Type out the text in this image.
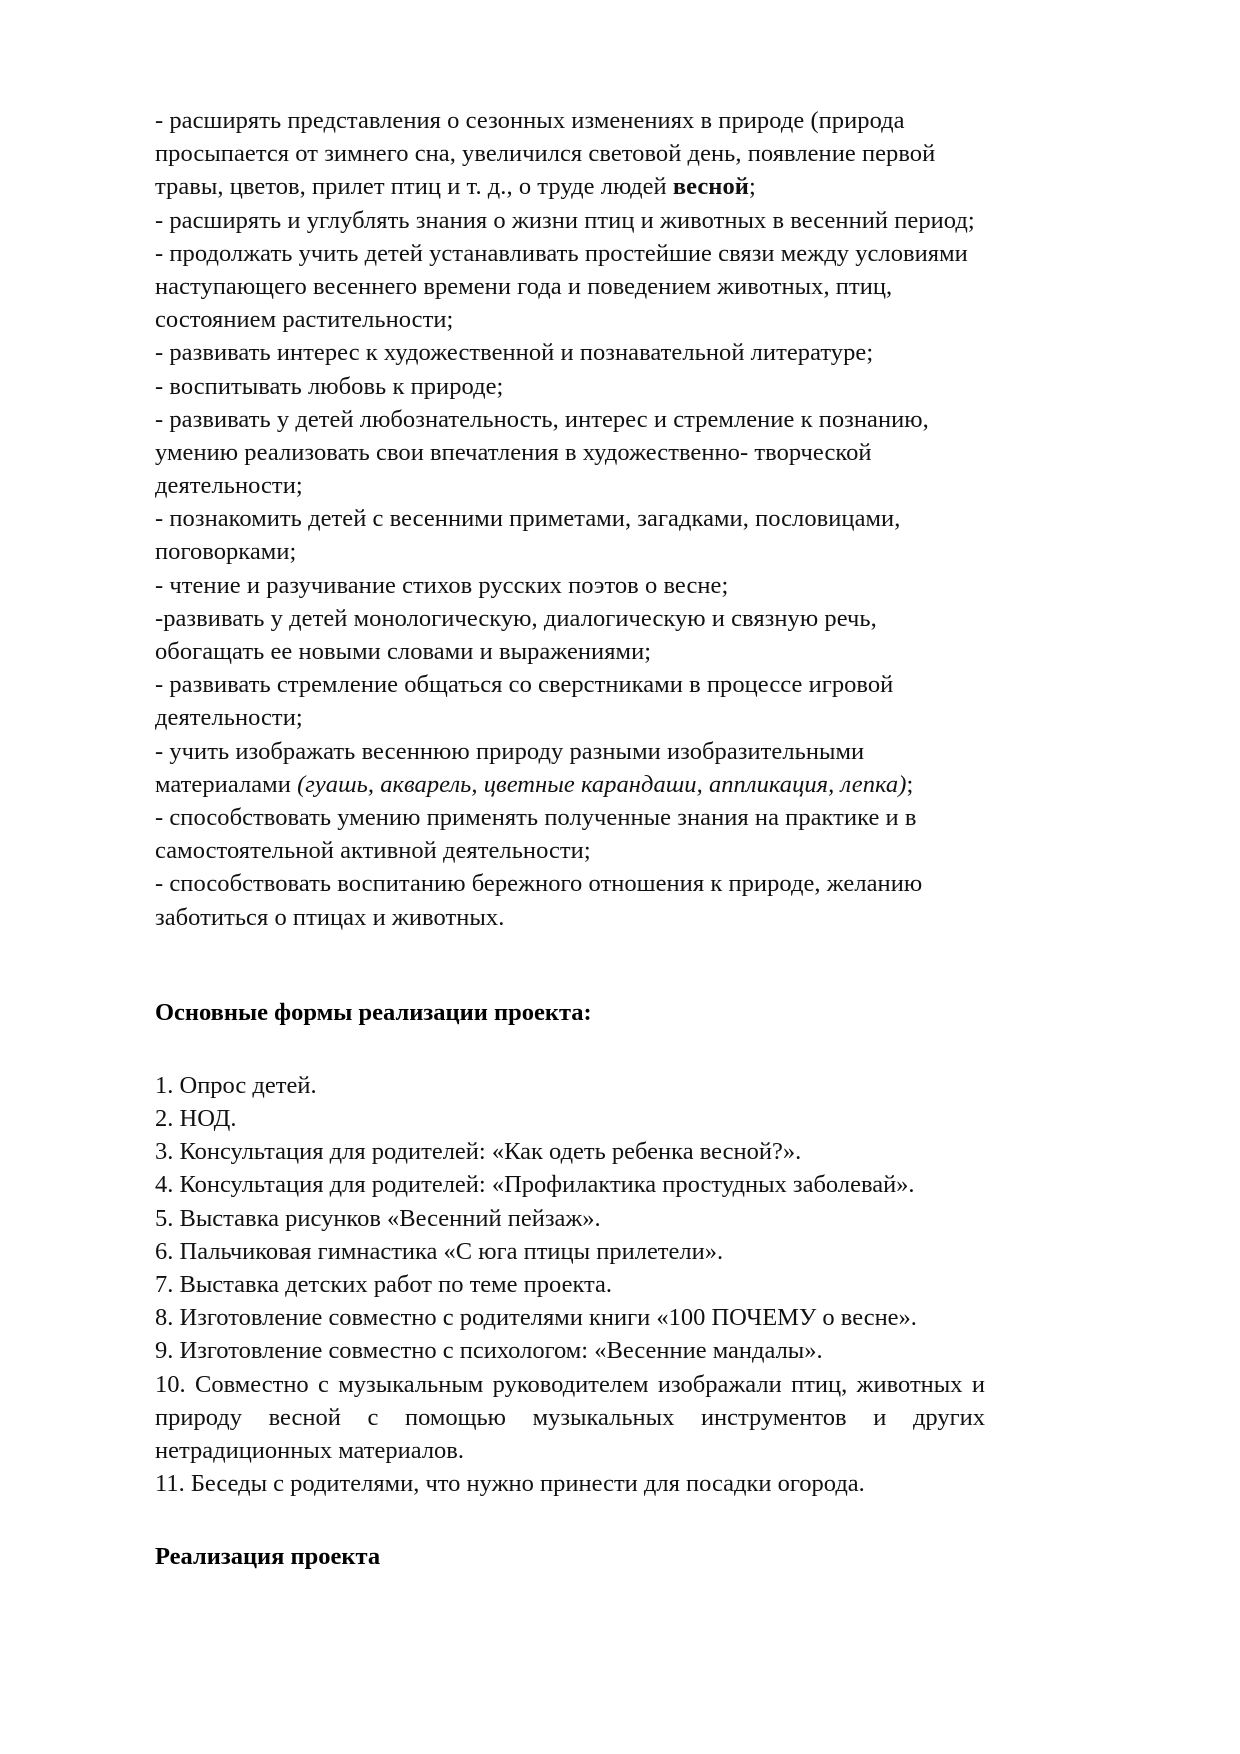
- расширять представления о сезонных изменениях в природе (природа просыпается от зимнего сна, увеличился световой день, появление первой травы, цветов, прилет птиц и т. д., о труде людей весной;
- расширять и углублять знания о жизни птиц и животных в весенний период;
- продолжать учить детей устанавливать простейшие связи между условиями наступающего весеннего времени года и поведением животных, птиц, состоянием растительности;
- развивать интерес к художественной и познавательной литературе;
- воспитывать любовь к природе;
- развивать у детей любознательность, интерес и стремление к познанию, умению реализовать свои впечатления в художественно- творческой деятельности;
- познакомить детей с весенними приметами, загадками, пословицами, поговорками;
- чтение и разучивание стихов русских поэтов о весне;
-развивать у детей монологическую, диалогическую и связную речь, обогащать ее новыми словами и выражениями;
- развивать стремление общаться со сверстниками в процессе игровой деятельности;
- учить изображать весеннюю природу разными изобразительными материалами (гуашь, акварель, цветные карандаши, аппликация, лепка);
- способствовать умению применять полученные знания на практике и в самостоятельной активной деятельности;
- способствовать воспитанию бережного отношения к природе, желанию заботиться о птицах и животных.

Основные формы реализации проекта:
1. Опрос детей.
2. НОД.
3. Консультация для родителей: «Как одеть ребенка весной?».
4. Консультация для родителей: «Профилактика простудных заболевай».
5. Выставка рисунков «Весенний пейзаж».
6. Пальчиковая гимнастика «С юга птицы прилетели».
7. Выставка детских работ по теме проекта.
8. Изготовление совместно с родителями книги «100 ПОЧЕМУ о весне».
9. Изготовление совместно с психологом: «Весенние мандалы».
10. Совместно с музыкальным руководителем изображали птиц, животных и природу весной с помощью музыкальных инструментов и других нетрадиционных материалов.
11. Беседы с родителями, что нужно принести для посадки огорода.
Реализация проекта
